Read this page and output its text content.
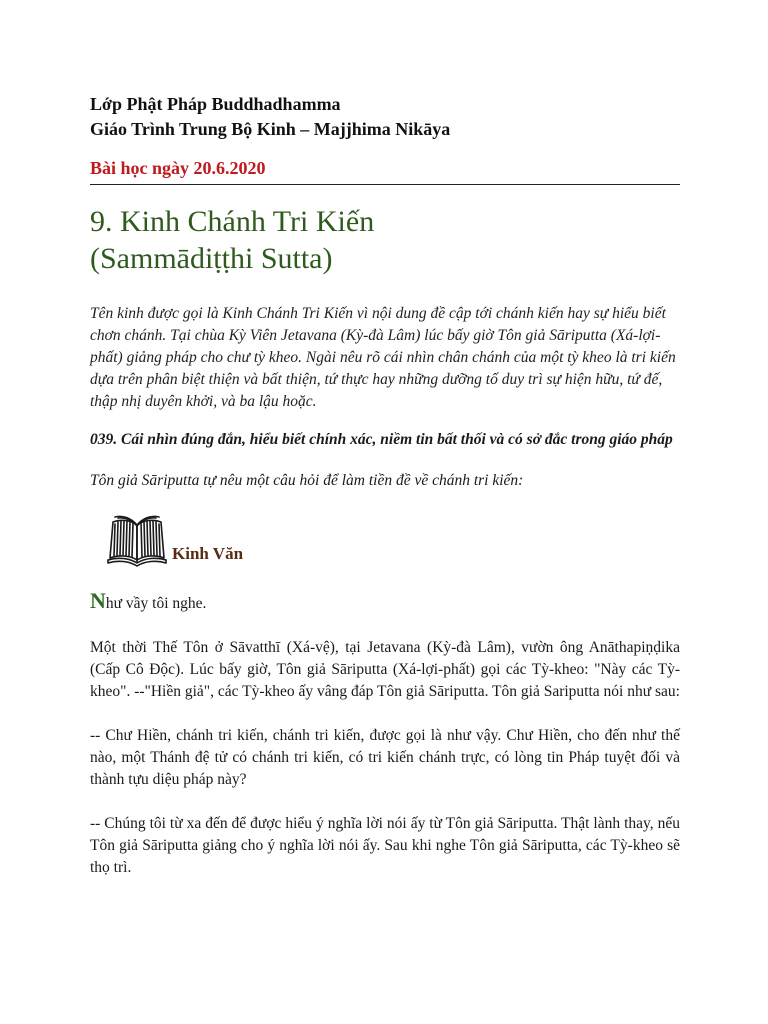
Lớp Phật Pháp Buddhadhamma
Giáo Trình Trung Bộ Kinh – Majjhima Nikāya
Bài học ngày 20.6.2020
9. Kinh Chánh Tri Kiến
(Sammādiṭṭhi Sutta)
Tên kinh được gọi là Kinh Chánh Tri Kiến vì nội dung đề cập tới chánh kiến hay sự hiểu biết chơn chánh. Tại chùa Kỳ Viên Jetavana (Kỳ-đà Lâm) lúc bấy giờ Tôn giả Sāriputta (Xá-lợi-phất) giảng pháp cho chư tỳ kheo. Ngài nêu rõ cái nhìn chân chánh của một tỳ kheo là tri kiến dựa trên phân biệt thiện và bất thiện, tứ thực hay những dưỡng tố duy trì sự hiện hữu, tứ đế, thập nhị duyên khởi, và ba lậu hoặc.
039. Cái nhìn đúng đắn, hiểu biết chính xác, niềm tin bất thối và có sở đắc trong giáo pháp
Tôn giả Sāriputta tự nêu một câu hỏi để làm tiền đề về chánh tri kiến:
Kinh Văn
Như vầy tôi nghe.
Một thời Thế Tôn ở Sāvatthī (Xá-vệ), tại Jetavana (Kỳ-đà Lâm), vườn ông Anāthapiṇḍika (Cấp Cô Độc). Lúc bấy giờ, Tôn giả Sāriputta (Xá-lợi-phất) gọi các Tỳ-kheo: "Này các Tỳ-kheo". --"Hiền giả", các Tỳ-kheo ấy vâng đáp Tôn giả Sāriputta. Tôn giả Sariputta nói như sau:
-- Chư Hiền, chánh tri kiến, chánh tri kiến, được gọi là như vậy. Chư Hiền, cho đến như thế nào, một Thánh đệ tử có chánh tri kiến, có tri kiến chánh trực, có lòng tin Pháp tuyệt đối và thành tựu diệu pháp này?
-- Chúng tôi từ xa đến để được hiểu ý nghĩa lời nói ấy từ Tôn giả Sāriputta. Thật lành thay, nếu Tôn giả Sāriputta giảng cho ý nghĩa lời nói ấy. Sau khi nghe Tôn giả Sāriputta, các Tỳ-kheo sẽ thọ trì.
